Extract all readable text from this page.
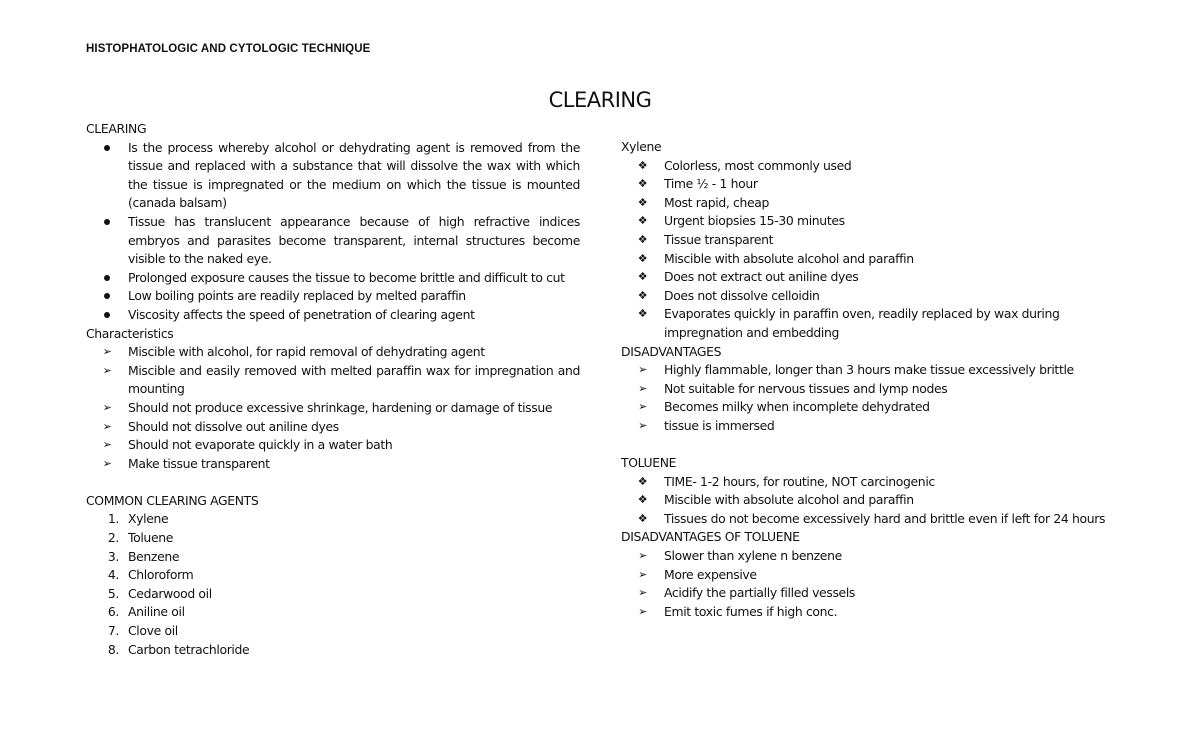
HISTOPHATOLOGIC AND CYTOLOGIC TECHNIQUE
CLEARING
CLEARING
Is the process whereby alcohol or dehydrating agent is removed from the tissue and replaced with a substance that will dissolve the wax with which the tissue is impregnated or the medium on which the tissue is mounted (canada balsam)
Tissue has translucent appearance because of high refractive indices embryos and parasites become transparent, internal structures become visible to the naked eye.
Prolonged exposure causes the tissue to become brittle and difficult to cut
Low boiling points are readily replaced by melted paraffin
Viscosity affects the speed of penetration of clearing agent
Characteristics
➢	Miscible with alcohol, for rapid removal of dehydrating agent
➢	Miscible and easily removed with melted paraffin wax for impregnation and mounting
➢	Should not produce excessive shrinkage, hardening or damage of tissue
➢	Should not dissolve out aniline dyes
➢	Should not evaporate quickly in a water bath
➢	Make tissue transparent
COMMON CLEARING AGENTS
1. Xylene
2. Toluene
3. Benzene
4. Chloroform
5. Cedarwood oil
6. Aniline oil
7. Clove oil
8. Carbon tetrachloride
Xylene
❖	Colorless, most commonly used
❖	Time ½ - 1 hour
❖	Most rapid, cheap
❖	Urgent biopsies 15-30 minutes
❖	Tissue transparent
❖	Miscible with absolute alcohol and paraffin
❖	Does not extract out aniline dyes
❖	Does not dissolve celloidin
❖	Evaporates quickly in paraffin oven, readily replaced by wax during impregnation and embedding
DISADVANTAGES
➢	Highly flammable, longer than 3 hours make tissue excessively brittle
➢	Not suitable for nervous tissues and lymp nodes
➢	Becomes milky when incomplete dehydrated
➢	tissue is immersed
TOLUENE
❖	TIME- 1-2 hours, for routine, NOT carcinogenic
❖	Miscible with absolute alcohol and paraffin
❖	Tissues do not become excessively hard and brittle even if left for 24 hours
DISADVANTAGES OF TOLUENE
➢	Slower than xylene n benzene
➢	More expensive
➢	Acidify the partially filled vessels
➢	Emit toxic fumes if high conc.
